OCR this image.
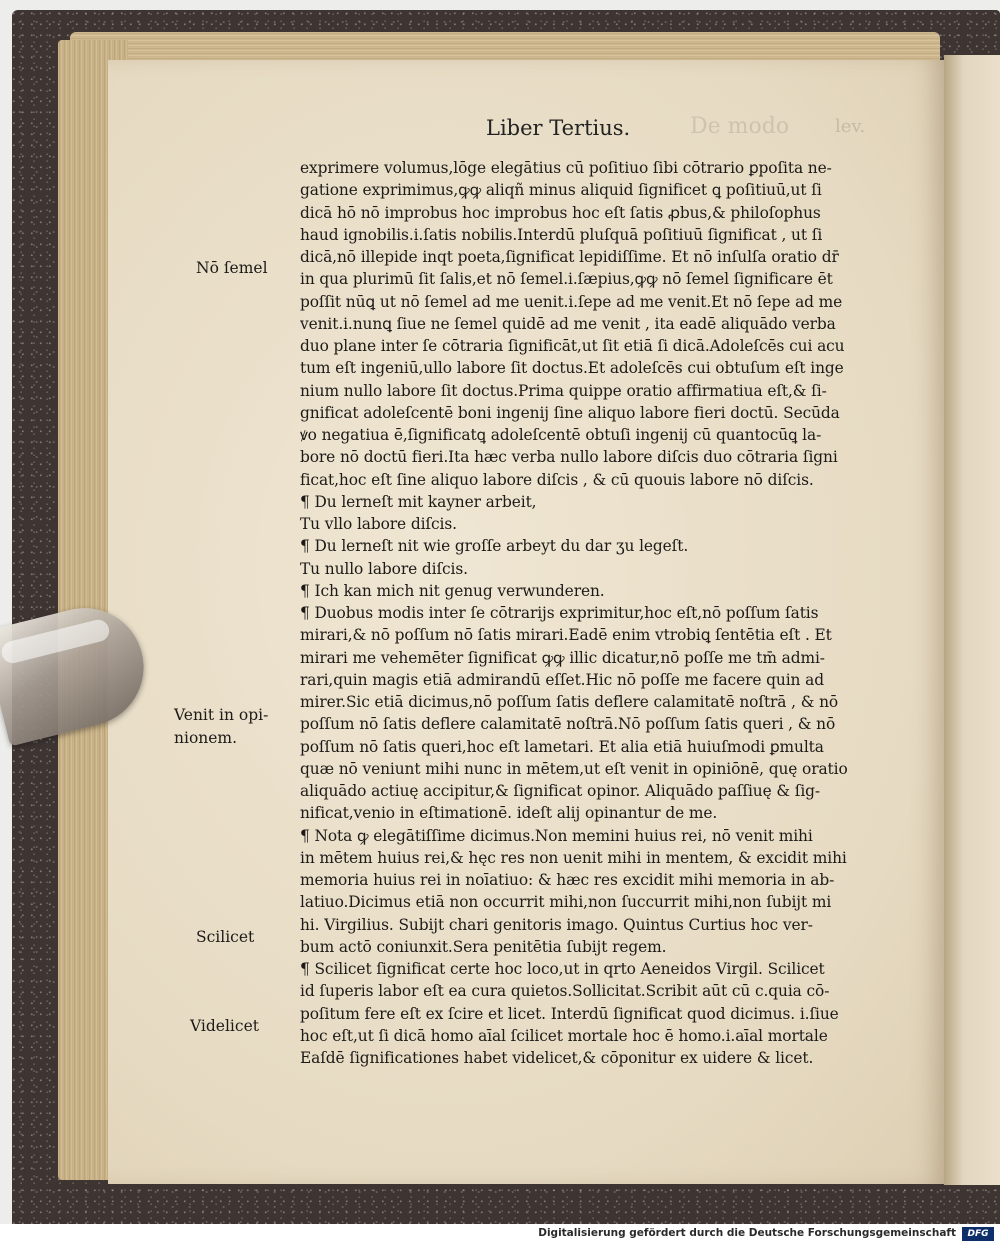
De modo	lev.
Liber Tertius.
Nō ſemel
Venit in opi-
nionem.
Scilicet
Videlicet
exprimere volumus,lōge elegātius cū poſitiuo ſibi cōtrario ꝑpoſita ne-
gatione exprimimus,ꝙꝙ aliqñ minus aliquid ſignificet ꝗ poſitiuū,ut ſi
dicā hō nō improbus hoc improbus hoc eſt ſatis ꝓbus,& philoſophus
haud ignobilis.i.ſatis nobilis.Interdū pluſquā poſitiuū ſignificat , ut ſi
dicā,nō illepide inqt poeta,ſignificat lepidiſſime. Et nō inſulſa oratio dr̄
in qua plurimū ſit ſalis,et nō ſemel.i.ſæpius,ꝙꝙ nō ſemel ſignificare ēt
poſſit nūꝗ ut nō ſemel ad me uenit.i.ſepe ad me venit.Et nō ſepe ad me
venit.i.nunꝗ ſiue ne ſemel quidē ad me venit , ita eadē aliquādo verba
duo plane inter ſe cōtraria ſignificāt,ut ſit etiā ſi dicā.Adoleſcēs cui acu
tum eſt ingeniū,ullo labore ſit doctus.Et adoleſcēs cui obtuſum eſt inge
nium nullo labore ſit doctus.Prima quippe oratio affirmatiua eſt,& ſi-
gnificat adoleſcentē boni ingenij ſine aliquo labore fieri doctū. Secūda
ꝟo negatiua ē,ſignificatꝗ adoleſcentē obtuſi ingenij cū quantocūꝗ la-
bore nō doctū fieri.Ita hæc verba nullo labore diſcis duo cōtraria ſigni
ficat,hoc eſt ſine aliquo labore diſcis , & cū quouis labore nō diſcis.
¶ Du lerneſt mit kayner arbeit,
Tu vllo labore diſcis.
¶ Du lerneſt nit wie groſſe arbeyt du dar ʒu legeſt.
Tu nullo labore diſcis.
¶ Ich kan mich nit genug verwunderen.
¶ Duobus modis inter ſe cōtrarijs exprimitur,hoc eſt,nō poſſum ſatis
mirari,& nō poſſum nō ſatis mirari.Eadē enim vtrobiꝗ ſentētia eſt . Et
mirari me vehemēter ſignificat ꝙꝙ illic dicatur,nō poſſe me tm̄ admi-
rari,quin magis etiā admirandū eſſet.Hic nō poſſe me facere quin ad
mirer.Sic etiā dicimus,nō poſſum ſatis deflere calamitatē noſtrā , & nō
poſſum nō ſatis deflere calamitatē noſtrā.Nō poſſum ſatis queri , & nō
poſſum nō ſatis queri,hoc eſt lametari. Et alia etiā huiuſmodi ꝑmulta
quæ nō veniunt mihi nunc in mētem,ut eſt venit in opiniōnē, quę oratio
aliquādo actiuę accipitur,& ſignificat opinor. Aliquādo paſſiuę & ſig-
nificat,venio in eſtimationē. ideſt alij opinantur de me.
¶ Nota ꝙ elegātiſſime dicimus.Non memini huius rei, nō venit mihi
in mētem huius rei,& hęc res non uenit mihi in mentem, & excidit mihi
memoria huius rei in noīatiuo: & hæc res excidit mihi memoria in ab-
latiuo.Dicimus etiā non occurrit mihi,non ſuccurrit mihi,non ſubijt mi
hi. Virgilius. Subijt chari genitoris imago. Quintus Curtius hoc ver-
bum actō coniunxit.Sera penitētia ſubijt regem.
¶ Scilicet ſignificat certe hoc loco,ut in qrto Aeneidos Virgil. Scilicet
id ſuperis labor eſt ea cura quietos.Sollicitat.Scribit aūt cū c.quia cō-
poſitum fere eſt ex ſcire et licet. Interdū ſignificat quod dicimus. i.ſiue
hoc eſt,ut ſi dicā homo aīal ſcilicet mortale hoc ē homo.i.aīal mortale
Eaſdē ſignificationes habet videlicet,& cōponitur ex uidere & licet.
Digitalisierung gefördert durch die Deutsche Forschungsgemeinschaft	DFG
